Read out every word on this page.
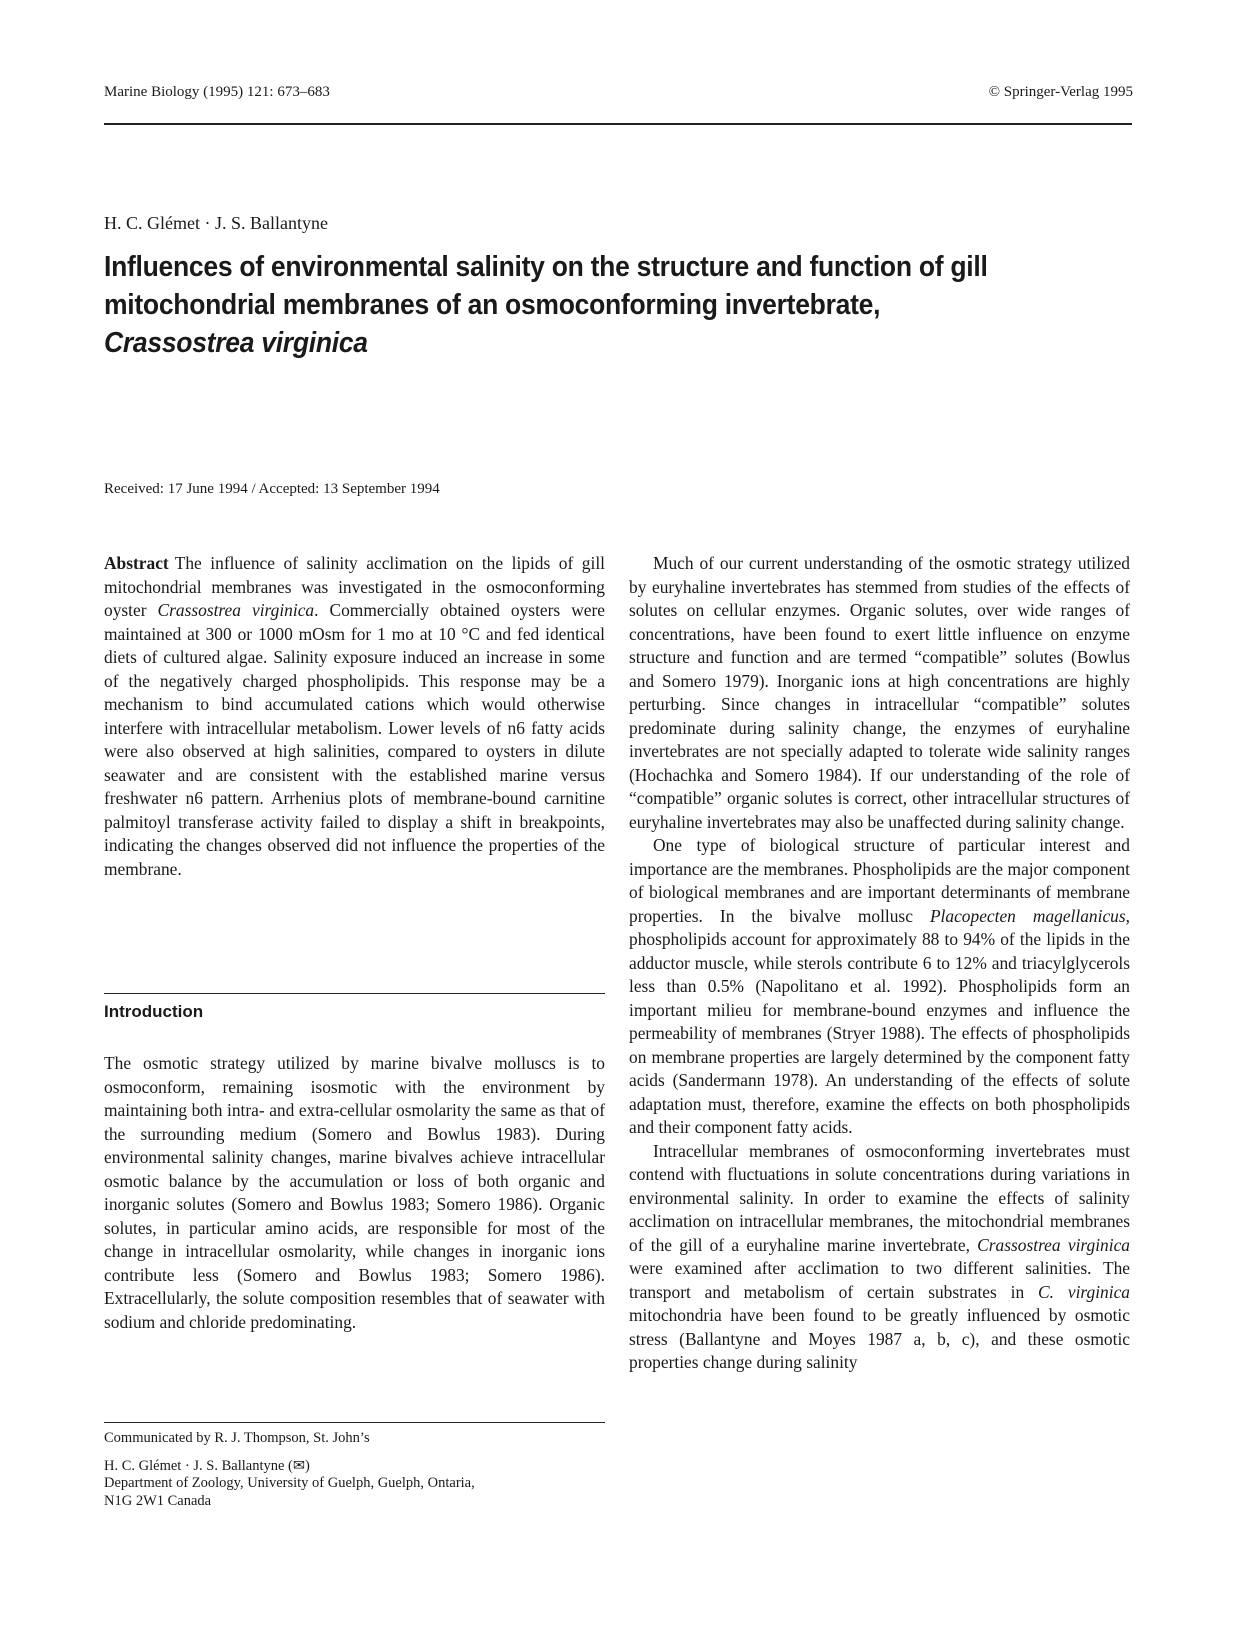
Marine Biology (1995) 121: 673–683	© Springer-Verlag 1995
H. C. Glémet · J. S. Ballantyne
Influences of environmental salinity on the structure and function of gill mitochondrial membranes of an osmoconforming invertebrate,
Crassostrea virginica
Received: 17 June 1994 / Accepted: 13 September 1994

Abstract The influence of salinity acclimation on the lipids of gill mitochondrial membranes was investigated in the osmoconforming oyster Crassostrea virginica. Commercially obtained oysters were maintained at 300 or 1000 mOsm for 1 mo at 10 °C and fed identical diets of cultured algae. Salinity exposure induced an increase in some of the negatively charged phospholipids. This response may be a mechanism to bind accumulated cations which would otherwise interfere with intracellular metabolism. Lower levels of n6 fatty acids were also observed at high salinities, compared to oysters in dilute seawater and are consistent with the established marine versus freshwater n6 pattern. Arrhenius plots of membrane-bound carnitine palmitoyl transferase activity failed to display a shift in breakpoints, indicating the changes observed did not influence the properties of the membrane.

Introduction

The osmotic strategy utilized by marine bivalve molluscs is to osmoconform, remaining isosmotic with the environment by maintaining both intra- and extra-cellular osmolarity the same as that of the surrounding medium (Somero and Bowlus 1983). During environmental salinity changes, marine bivalves achieve intracellular osmotic balance by the accumulation or loss of both organic and inorganic solutes (Somero and Bowlus 1983; Somero 1986). Organic solutes, in particular amino acids, are responsible for most of the change in intracellular osmolarity, while changes in inorganic ions contribute less (Somero and Bowlus 1983; Somero 1986). Extracellularly, the solute composition resembles that of seawater with sodium and chloride predominating.

Much of our current understanding of the osmotic strategy utilized by euryhaline invertebrates has stemmed from studies of the effects of solutes on cellular enzymes. Organic solutes, over wide ranges of concentrations, have been found to exert little influence on enzyme structure and function and are termed “compatible” solutes (Bowlus and Somero 1979). Inorganic ions at high concentrations are highly perturbing. Since changes in intracellular “compatible” solutes predominate during salinity change, the enzymes of euryhaline invertebrates are not specially adapted to tolerate wide salinity ranges (Hochachka and Somero 1984). If our understanding of the role of “compatible” organic solutes is correct, other intracellular structures of euryhaline invertebrates may also be unaffected during salinity change.

One type of biological structure of particular interest and importance are the membranes. Phospholipids are the major component of biological membranes and are important determinants of membrane properties. In the bivalve mollusc Placopecten magellanicus, phospholipids account for approximately 88 to 94% of the lipids in the adductor muscle, while sterols contribute 6 to 12% and triacylglycerols less than 0.5% (Napolitano et al. 1992). Phospholipids form an important milieu for membrane-bound enzymes and influence the permeability of membranes (Stryer 1988). The effects of phospholipids on membrane properties are largely determined by the component fatty acids (Sandermann 1978). An understanding of the effects of solute adaptation must, therefore, examine the effects on both phospholipids and their component fatty acids.

Intracellular membranes of osmoconforming invertebrates must contend with fluctuations in solute concentrations during variations in environmental salinity. In order to examine the effects of salinity acclimation on intracellular membranes, the mitochondrial membranes of the gill of a euryhaline marine invertebrate, Crassostrea virginica were examined after acclimation to two different salinities. The transport and metabolism of certain substrates in C. virginica mitochondria have been found to be greatly influenced by osmotic stress (Ballantyne and Moyes 1987 a, b, c), and these osmotic properties change during salinity

Communicated by R. J. Thompson, St. John’s

H. C. Glémet · J. S. Ballantyne (✉)

Department of Zoology, University of Guelph, Guelph, Ontaria,

N1G 2W1 Canada
